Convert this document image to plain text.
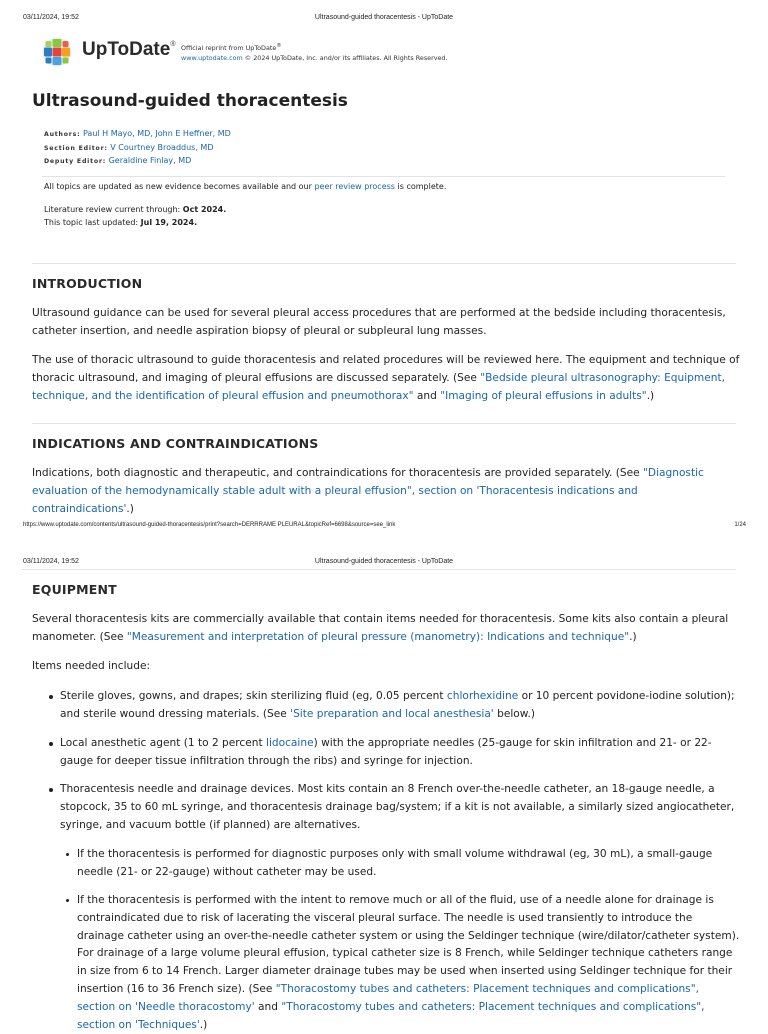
03/11/2024, 19:52	Ultrasound-guided thoracentesis - UpToDate
UpToDate® Official reprint from UpToDate®
www.uptodate.com © 2024 UpToDate, Inc. and/or its affiliates. All Rights Reserved.
Ultrasound-guided thoracentesis
Authors: Paul H Mayo, MD, John E Heffner, MD
Section Editor: V Courtney Broaddus, MD
Deputy Editor: Geraldine Finlay, MD
All topics are updated as new evidence becomes available and our peer review process is complete.
Literature review current through: Oct 2024.
This topic last updated: Jul 19, 2024.
INTRODUCTION
Ultrasound guidance can be used for several pleural access procedures that are performed at the bedside including thoracentesis, catheter insertion, and needle aspiration biopsy of pleural or subpleural lung masses.
The use of thoracic ultrasound to guide thoracentesis and related procedures will be reviewed here. The equipment and technique of thoracic ultrasound, and imaging of pleural effusions are discussed separately. (See "Bedside pleural ultrasonography: Equipment, technique, and the identification of pleural effusion and pneumothorax" and "Imaging of pleural effusions in adults".)
INDICATIONS AND CONTRAINDICATIONS
Indications, both diagnostic and therapeutic, and contraindications for thoracentesis are provided separately. (See "Diagnostic evaluation of the hemodynamically stable adult with a pleural effusion", section on 'Thoracentesis indications and contraindications'.)
https://www.uptodate.com/contents/ultrasound-guided-thoracentesis/print?search=DERRRAME PLEURAL&topicRef=6698&source=see_link	1/24
03/11/2024, 19:52	Ultrasound-guided thoracentesis - UpToDate
EQUIPMENT
Several thoracentesis kits are commercially available that contain items needed for thoracentesis. Some kits also contain a pleural manometer. (See "Measurement and interpretation of pleural pressure (manometry): Indications and technique".)
Items needed include:
Sterile gloves, gowns, and drapes; skin sterilizing fluid (eg, 0.05 percent chlorhexidine or 10 percent povidone-iodine solution); and sterile wound dressing materials. (See 'Site preparation and local anesthesia' below.)
Local anesthetic agent (1 to 2 percent lidocaine) with the appropriate needles (25-gauge for skin infiltration and 21- or 22-gauge for deeper tissue infiltration through the ribs) and syringe for injection.
Thoracentesis needle and drainage devices. Most kits contain an 8 French over-the-needle catheter, an 18-gauge needle, a stopcock, 35 to 60 mL syringe, and thoracentesis drainage bag/system; if a kit is not available, a similarly sized angiocatheter, syringe, and vacuum bottle (if planned) are alternatives.
If the thoracentesis is performed for diagnostic purposes only with small volume withdrawal (eg, 30 mL), a small-gauge needle (21- or 22-gauge) without catheter may be used.
If the thoracentesis is performed with the intent to remove much or all of the fluid, use of a needle alone for drainage is contraindicated due to risk of lacerating the visceral pleural surface. The needle is used transiently to introduce the drainage catheter using an over-the-needle catheter system or using the Seldinger technique (wire/dilator/catheter system). For drainage of a large volume pleural effusion, typical catheter size is 8 French, while Seldinger technique catheters range in size from 6 to 14 French. Larger diameter drainage tubes may be used when inserted using Seldinger technique for their insertion (16 to 36 French size). (See "Thoracostomy tubes and catheters: Placement techniques and complications", section on 'Needle thoracostomy' and "Thoracostomy tubes and catheters: Placement techniques and complications", section on 'Techniques'.)
